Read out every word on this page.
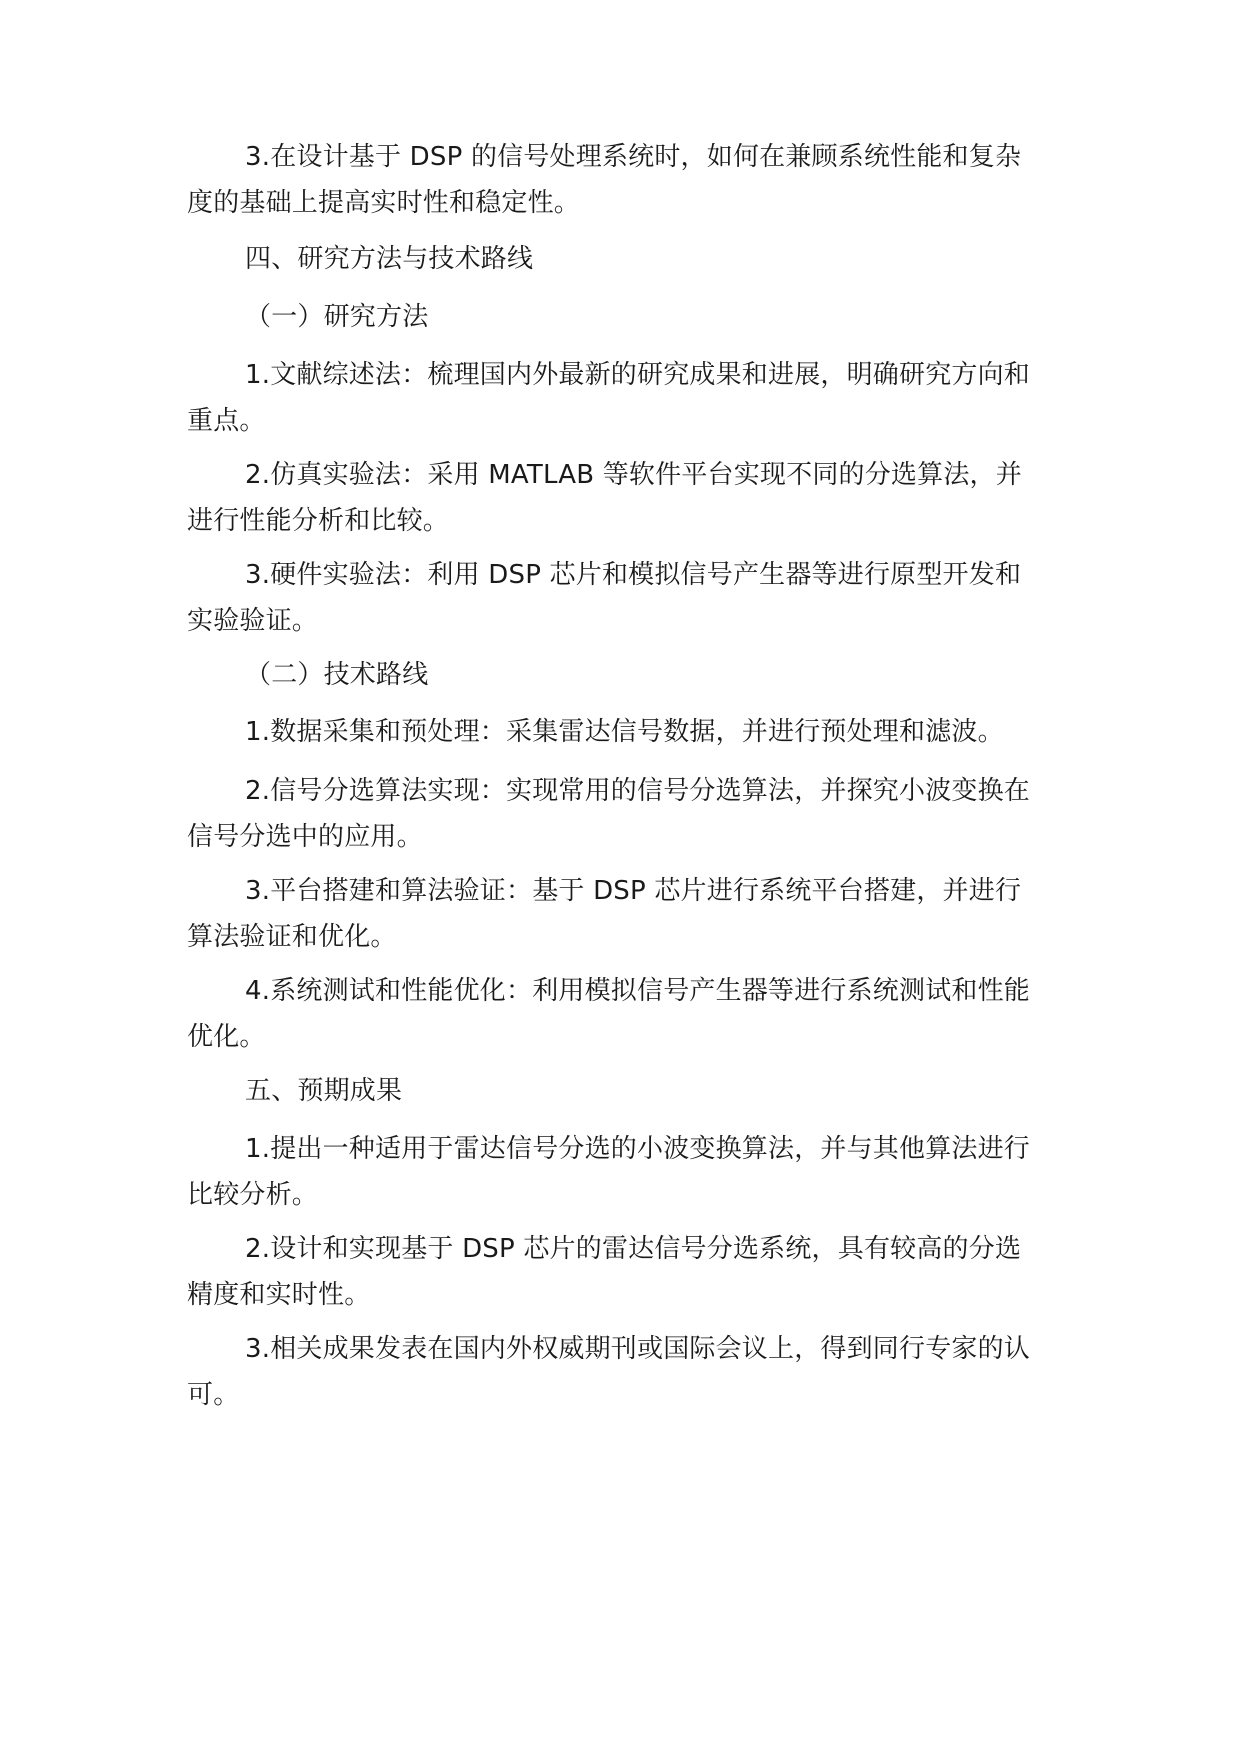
3.在设计基于 DSP 的信号处理系统时，如何在兼顾系统性能和复杂度的基础上提高实时性和稳定性。

四、研究方法与技术路线

（一）研究方法

1.文献综述法：梳理国内外最新的研究成果和进展，明确研究方向和重点。

2.仿真实验法：采用 MATLAB 等软件平台实现不同的分选算法，并进行性能分析和比较。

3.硬件实验法：利用 DSP 芯片和模拟信号产生器等进行原型开发和实验验证。

（二）技术路线

1.数据采集和预处理：采集雷达信号数据，并进行预处理和滤波。

2.信号分选算法实现：实现常用的信号分选算法，并探究小波变换在信号分选中的应用。

3.平台搭建和算法验证：基于 DSP 芯片进行系统平台搭建，并进行算法验证和优化。

4.系统测试和性能优化：利用模拟信号产生器等进行系统测试和性能优化。

五、预期成果

1.提出一种适用于雷达信号分选的小波变换算法，并与其他算法进行比较分析。

2.设计和实现基于 DSP 芯片的雷达信号分选系统，具有较高的分选精度和实时性。

3.相关成果发表在国内外权威期刊或国际会议上，得到同行专家的认可。
